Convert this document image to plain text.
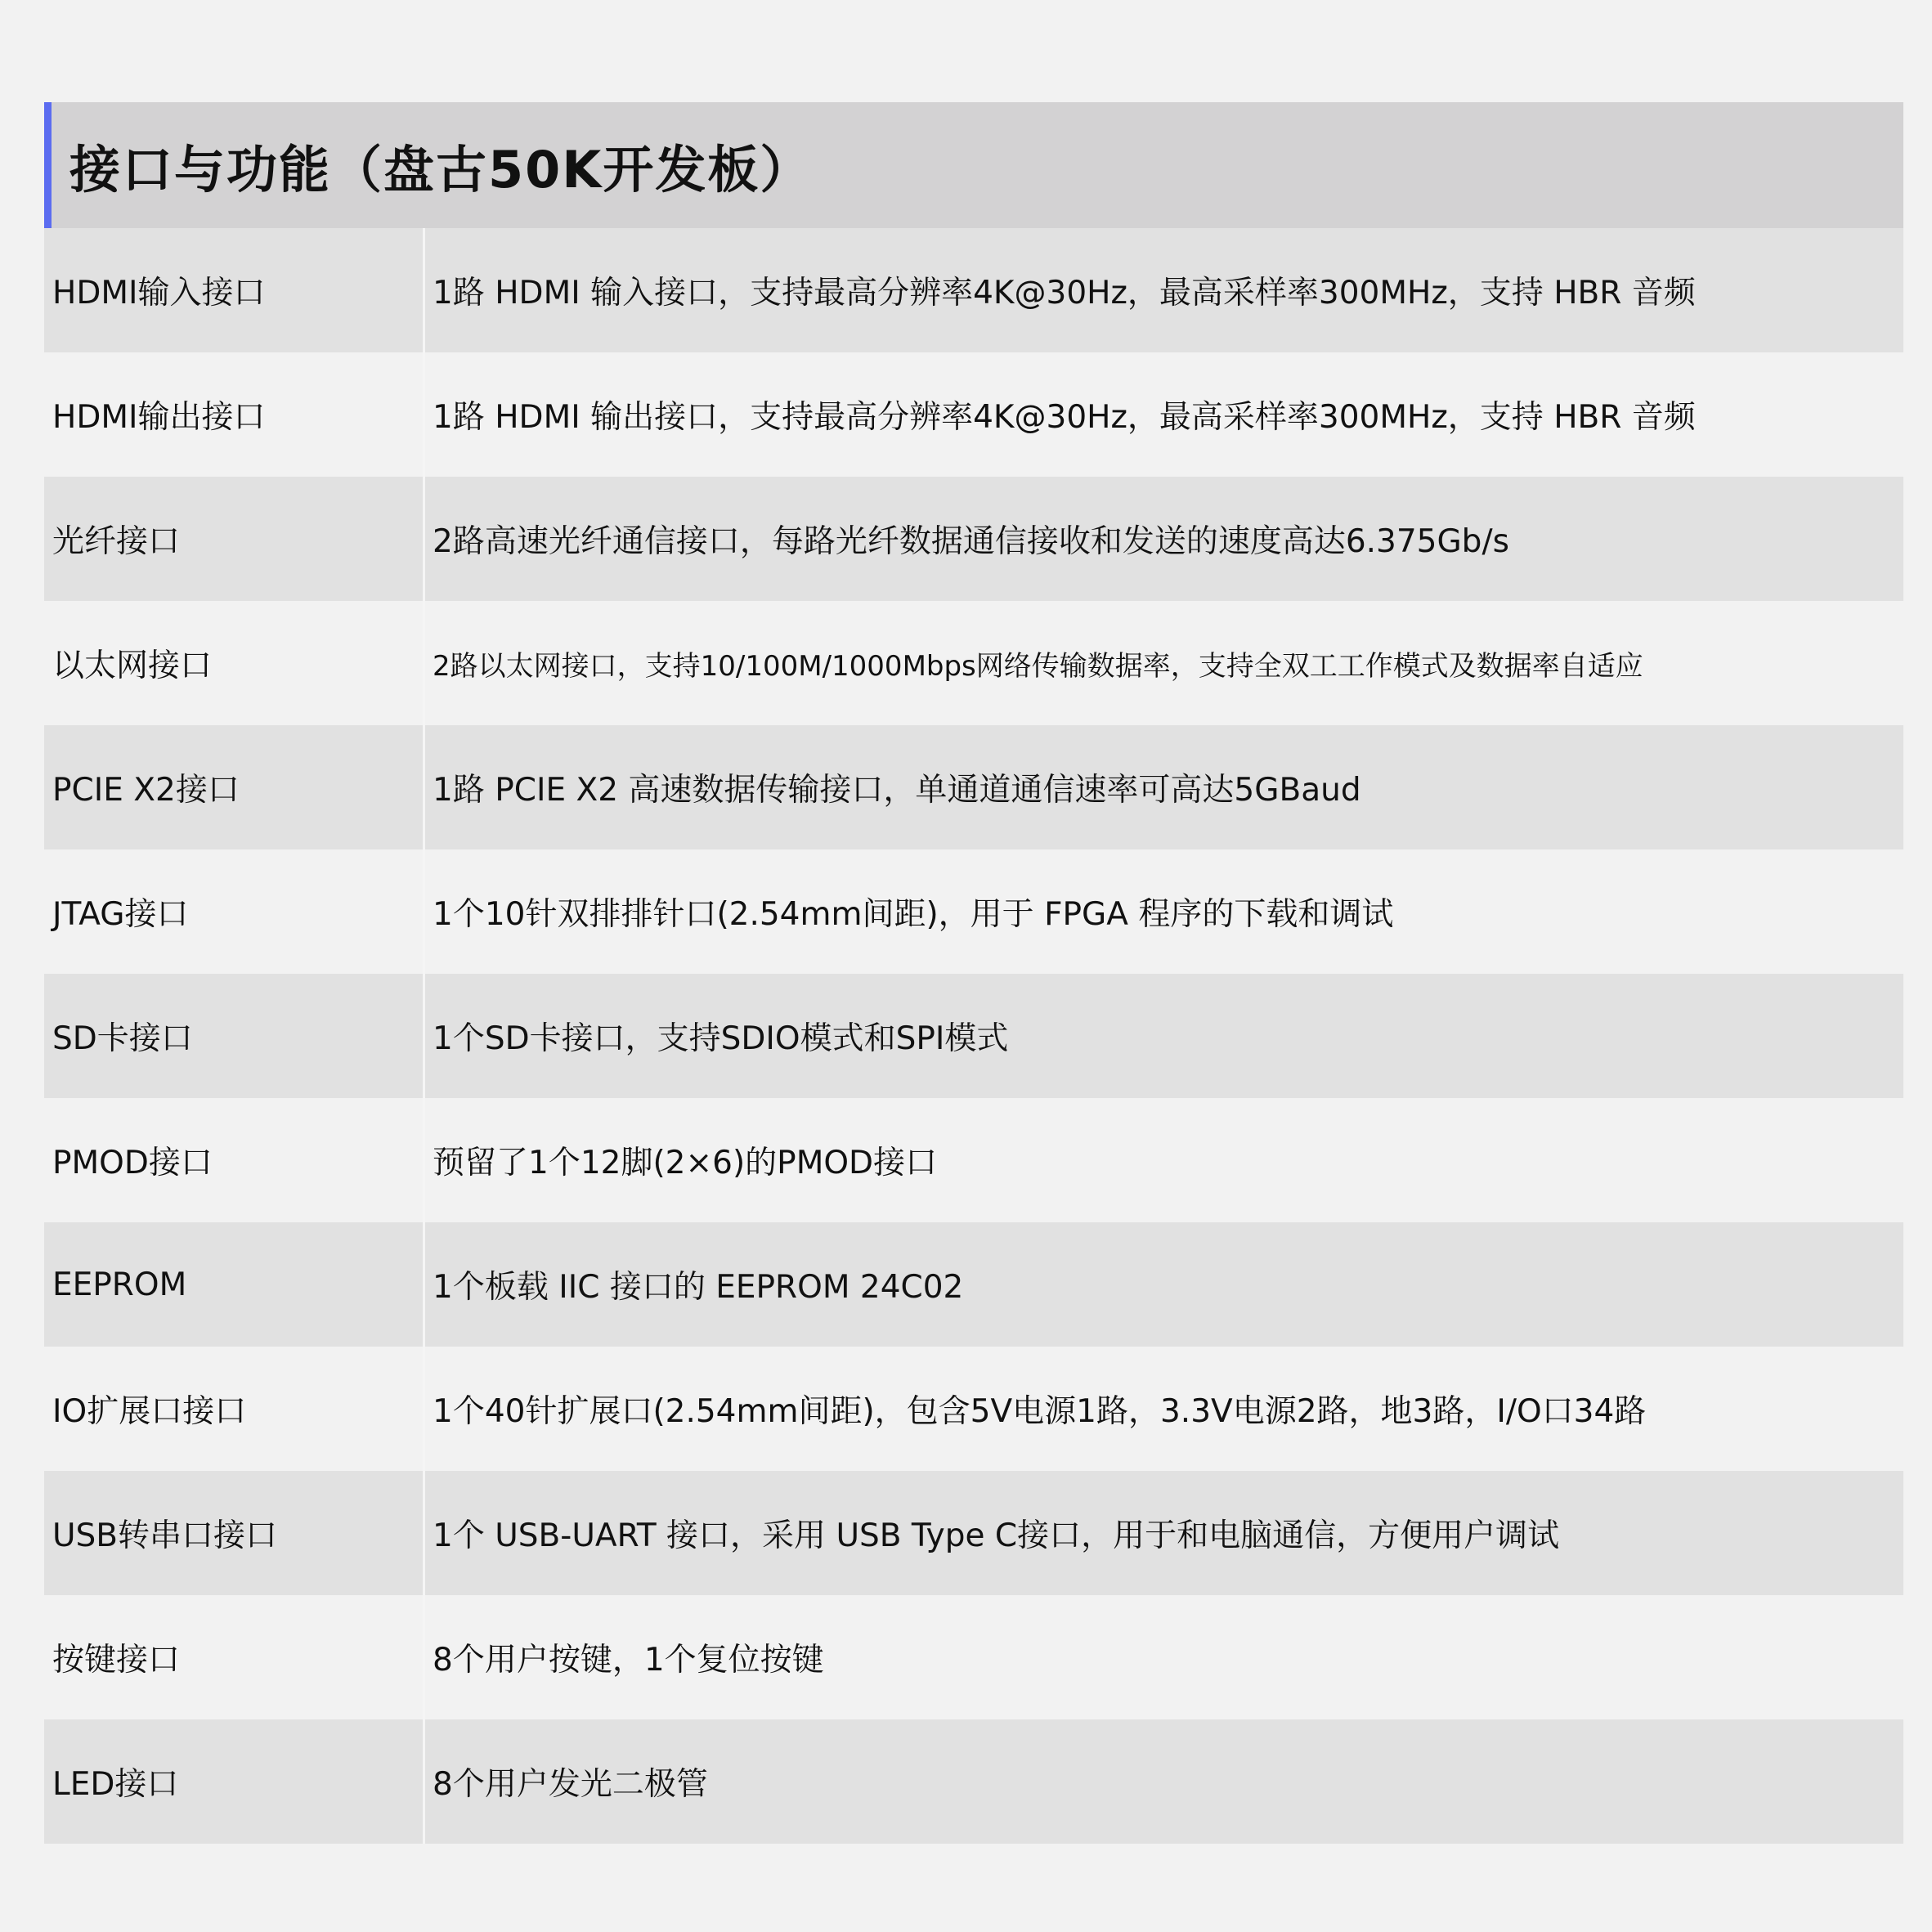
接口与功能（盘古50K开发板）
HDMI输入接口	1路 HDMI 输入接口，支持最高分辨率4K@30Hz，最高采样率300MHz，支持 HBR 音频
HDMI输出接口	1路 HDMI 输出接口，支持最高分辨率4K@30Hz，最高采样率300MHz，支持 HBR 音频
光纤接口	2路高速光纤通信接口，每路光纤数据通信接收和发送的速度高达6.375Gb/s
以太网接口	2路以太网接口，支持10/100M/1000Mbps网络传输数据率，支持全双工工作模式及数据率自适应
PCIE X2接口	1路 PCIE X2 高速数据传输接口，单通道通信速率可高达5GBaud
JTAG接口	1个10针双排排针口(2.54mm间距)，用于 FPGA 程序的下载和调试
SD卡接口	1个SD卡接口，支持SDIO模式和SPI模式
PMOD接口	预留了1个12脚(2×6)的PMOD接口
EEPROM	1个板载 IIC 接口的 EEPROM 24C02
IO扩展口接口	1个40针扩展口(2.54mm间距)，包含5V电源1路，3.3V电源2路，地3路，I/O口34路
USB转串口接口	1个 USB-UART 接口，采用 USB Type C接口，用于和电脑通信，方便用户调试
按键接口	8个用户按键，1个复位按键
LED接口	8个用户发光二极管
